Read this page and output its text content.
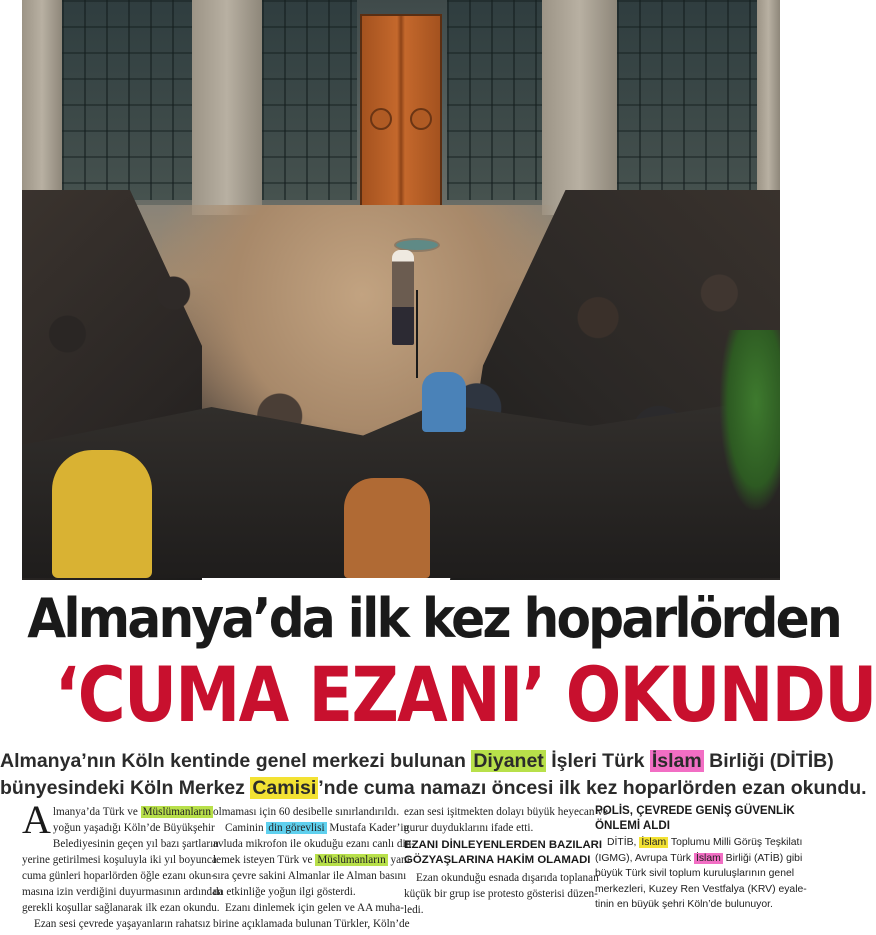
Almanya’da ilk kez hoparlörden
‘CUMA EZANI’ OKUNDU
Almanya’nın Köln kentinde genel merkezi bulunan Diyanet İşleri Türk İslam Birliği (DİTİB)
bünyesindeki Köln Merkez Camisi ’nde cuma namazı öncesi ilk kez hoparlörden ezan okundu.
A lmanya’da Türk ve Müslümanların
yoğun yaşadığı Köln’de Büyükşehir

Belediyesinin geçen yıl bazı şartların

yerine getirilmesi koşuluyla iki yıl boyunca

cuma günleri hoparlörden öğle ezanı okun-

masına izin verdiğini duyurmasının ardından

gerekli koşullar sağlanarak ilk ezan okundu.

Ezan sesi çevrede yaşayanların rahatsız

olmaması için 60 desibelle sınırlandırıldı.

Caminin din görevlisi Mustafa Kader’in

avluda mikrofon ile okuduğu ezanı canlı din-

lemek isteyen Türk ve Müslümanların yanı

sıra çevre sakini Almanlar ile Alman basını

da etkinliğe yoğun ilgi gösterdi.

Ezanı dinlemek için gelen ve AA muha-

birine açıklamada bulunan Türkler, Köln’de

ezan sesi işitmekten dolayı büyük heyecan ve

gurur duyduklarını ifade etti.

EZANI DİNLEYENLERDEN BAZILARI
GÖZYAŞLARINA HAKİM OLAMADI

Ezan okunduğu esnada dışarıda toplanan

küçük bir grup ise protesto gösterisi düzen-

ledi.

POLİS, ÇEVREDE GENİŞ GÜVENLİK
ÖNLEMİ ALDI

DİTİB, İslam Toplumu Milli Görüş Teşkilatı

(IGMG), Avrupa Türk İslam Birliği (ATİB) gibi

büyük Türk sivil toplum kuruluşlarının genel

merkezleri, Kuzey Ren Vestfalya (KRV) eyale-

tinin en büyük şehri Köln’de bulunuyor.
